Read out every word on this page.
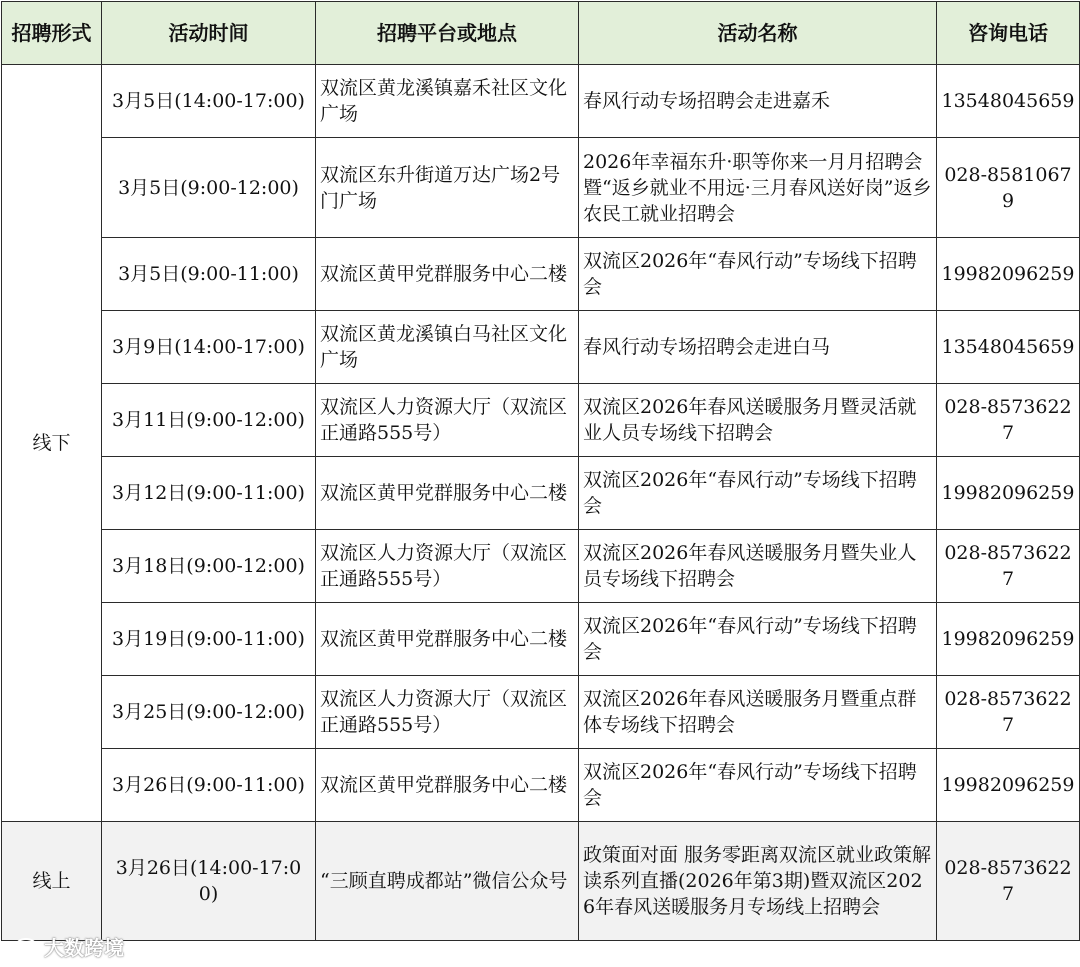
招聘形式	活动时间	招聘平台或地点	活动名称	咨询电话
线下	3月5日(14:00-17:00)	双流区黄龙溪镇嘉禾社区文化广场	春风行动专场招聘会走进嘉禾	13548045659
	3月5日(9:00-12:00)	双流区东升街道万达广场2号门广场	2026年幸福东升·职等你来一月月招聘会暨“返乡就业不用远·三月春风送好岗”返乡农民工就业招聘会	028-85810679
	3月5日(9:00-11:00)	双流区黄甲党群服务中心二楼	双流区2026年“春风行动”专场线下招聘会	19982096259
	3月9日(14:00-17:00)	双流区黄龙溪镇白马社区文化广场	春风行动专场招聘会走进白马	13548045659
	3月11日(9:00-12:00)	双流区人力资源大厅（双流区正通路555号）	双流区2026年春风送暖服务月暨灵活就业人员专场线下招聘会	028-85736227
	3月12日(9:00-11:00)	双流区黄甲党群服务中心二楼	双流区2026年“春风行动”专场线下招聘会	19982096259
	3月18日(9:00-12:00)	双流区人力资源大厅（双流区正通路555号）	双流区2026年春风送暖服务月暨失业人员专场线下招聘会	028-85736227
	3月19日(9:00-11:00)	双流区黄甲党群服务中心二楼	双流区2026年“春风行动”专场线下招聘会	19982096259
	3月25日(9:00-12:00)	双流区人力资源大厅（双流区正通路555号）	双流区2026年春风送暖服务月暨重点群体专场线下招聘会	028-85736227
	3月26日(9:00-11:00)	双流区黄甲党群服务中心二楼	双流区2026年“春风行动”专场线下招聘会	19982096259
线上	3月26日(14:00-17:00)	“三顾直聘成都站”微信公众号	政策面对面 服务零距离双流区就业政策解读系列直播(2026年第3期)暨双流区2026年春风送暖服务月专场线上招聘会	028-85736227
大数跨境
